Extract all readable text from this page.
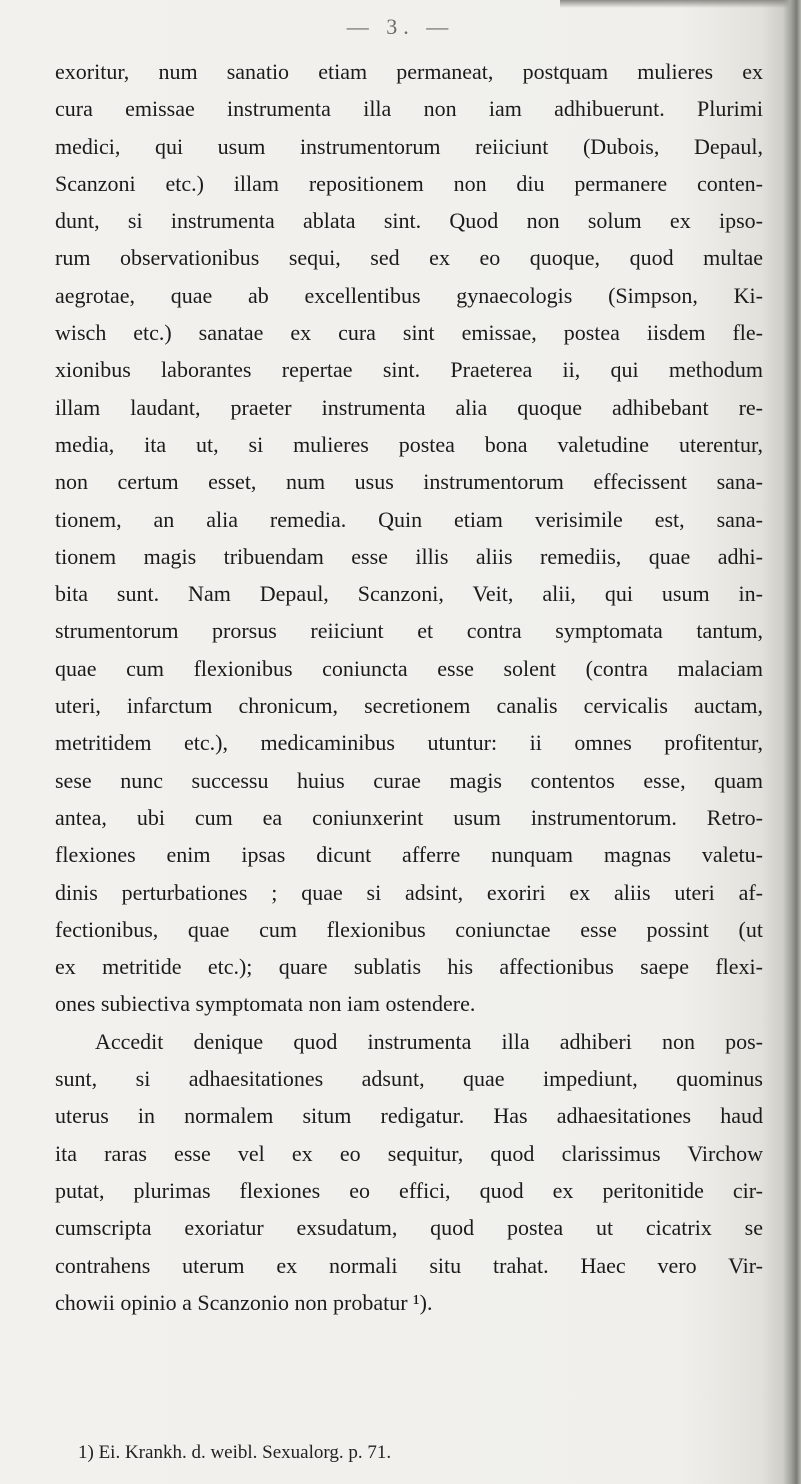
— 3. —
exoritur, num sanatio etiam permaneat, postquam mulieres ex
cura emissae instrumenta illa non iam adhibuerunt. Plurimi
medici, qui usum instrumentorum reiiciunt (Dubois, Depaul,
Scanzoni etc.) illam repositionem non diu permanere conten-
dunt, si instrumenta ablata sint. Quod non solum ex ipso-
rum observationibus sequi, sed ex eo quoque, quod multae
aegrotae, quae ab excellentibus gynaecologis (Simpson, Ki-
wisch etc.) sanatae ex cura sint emissae, postea iisdem fle-
xionibus laborantes repertae sint. Praeterea ii, qui methodum
illam laudant, praeter instrumenta alia quoque adhibebant re-
media, ita ut, si mulieres postea bona valetudine uterentur,
non certum esset, num usus instrumentorum effecissent sana-
tionem, an alia remedia. Quin etiam verisimile est, sana-
tionem magis tribuendam esse illis aliis remediis, quae adhi-
bita sunt. Nam Depaul, Scanzoni, Veit, alii, qui usum in-
strumentorum prorsus reiiciunt et contra symptomata tantum,
quae cum flexionibus coniuncta esse solent (contra malaciam
uteri, infarctum chronicum, secretionem canalis cervicalis auctam,
metritidem etc.), medicaminibus utuntur: ii omnes profitentur,
sese nunc successu huius curae magis contentos esse, quam
antea, ubi cum ea coniunxerint usum instrumentorum. Retro-
flexiones enim ipsas dicunt afferre nunquam magnas valetu-
dinis perturbationes ; quae si adsint, exoriri ex aliis uteri af-
fectionibus, quae cum flexionibus coniunctae esse possint (ut
ex metritide etc.); quare sublatis his affectionibus saepe flexi-
ones subiectiva symptomata non iam ostendere.
Accedit denique quod instrumenta illa adhiberi non pos-
sunt, si adhaesitationes adsunt, quae impediunt, quominus
uterus in normalem situm redigatur. Has adhaesitationes haud
ita raras esse vel ex eo sequitur, quod clarissimus Virchow
putat, plurimas flexiones eo effici, quod ex peritonitide cir-
cumscripta exoriatur exsudatum, quod postea ut cicatrix se
contrahens uterum ex normali situ trahat. Haec vero Vir-
chowii opinio a Scanzonio non probatur ¹).
1) Ei. Krankh. d. weibl. Sexualorg. p. 71.
